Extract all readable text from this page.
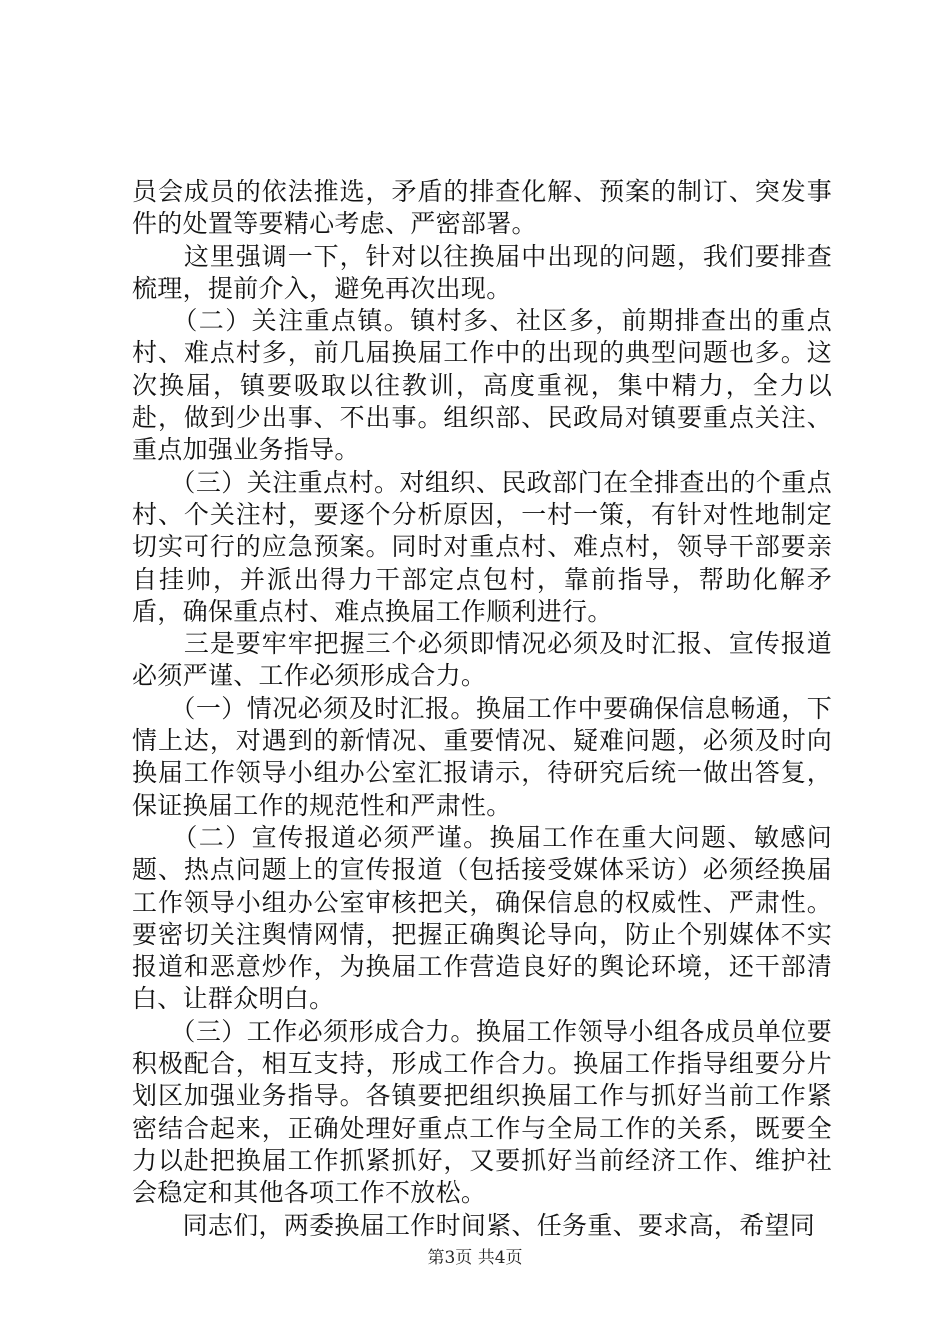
员会成员的依法推选，矛盾的排查化解、预案的制订、突发事件的处置等要精心考虑、严密部署。

　　这里强调一下，针对以往换届中出现的问题，我们要排查梳理，提前介入，避免再次出现。

　　（二）关注重点镇。镇村多、社区多，前期排查出的重点村、难点村多，前几届换届工作中的出现的典型问题也多。这次换届，镇要吸取以往教训，高度重视，集中精力，全力以赴，做到少出事、不出事。组织部、民政局对镇要重点关注、重点加强业务指导。

　　（三）关注重点村。对组织、民政部门在全排查出的个重点村、个关注村，要逐个分析原因，一村一策，有针对性地制定切实可行的应急预案。同时对重点村、难点村，领导干部要亲自挂帅，并派出得力干部定点包村，靠前指导，帮助化解矛盾，确保重点村、难点换届工作顺利进行。

　　三是要牢牢把握三个必须即情况必须及时汇报、宣传报道必须严谨、工作必须形成合力。

　　（一）情况必须及时汇报。换届工作中要确保信息畅通，下情上达，对遇到的新情况、重要情况、疑难问题，必须及时向换届工作领导小组办公室汇报请示，待研究后统一做出答复，保证换届工作的规范性和严肃性。

　　（二）宣传报道必须严谨。换届工作在重大问题、敏感问题、热点问题上的宣传报道（包括接受媒体采访）必须经换届工作领导小组办公室审核把关，确保信息的权威性、严肃性。要密切关注舆情网情，把握正确舆论导向，防止个别媒体不实报道和恶意炒作，为换届工作营造良好的舆论环境，还干部清白、让群众明白。

　　（三）工作必须形成合力。换届工作领导小组各成员单位要积极配合，相互支持，形成工作合力。换届工作指导组要分片划区加强业务指导。各镇要把组织换届工作与抓好当前工作紧密结合起来，正确处理好重点工作与全局工作的关系，既要全力以赴把换届工作抓紧抓好，又要抓好当前经济工作、维护社会稳定和其他各项工作不放松。

　　同志们，两委换届工作时间紧、任务重、要求高，希望同

第3页 共4页
